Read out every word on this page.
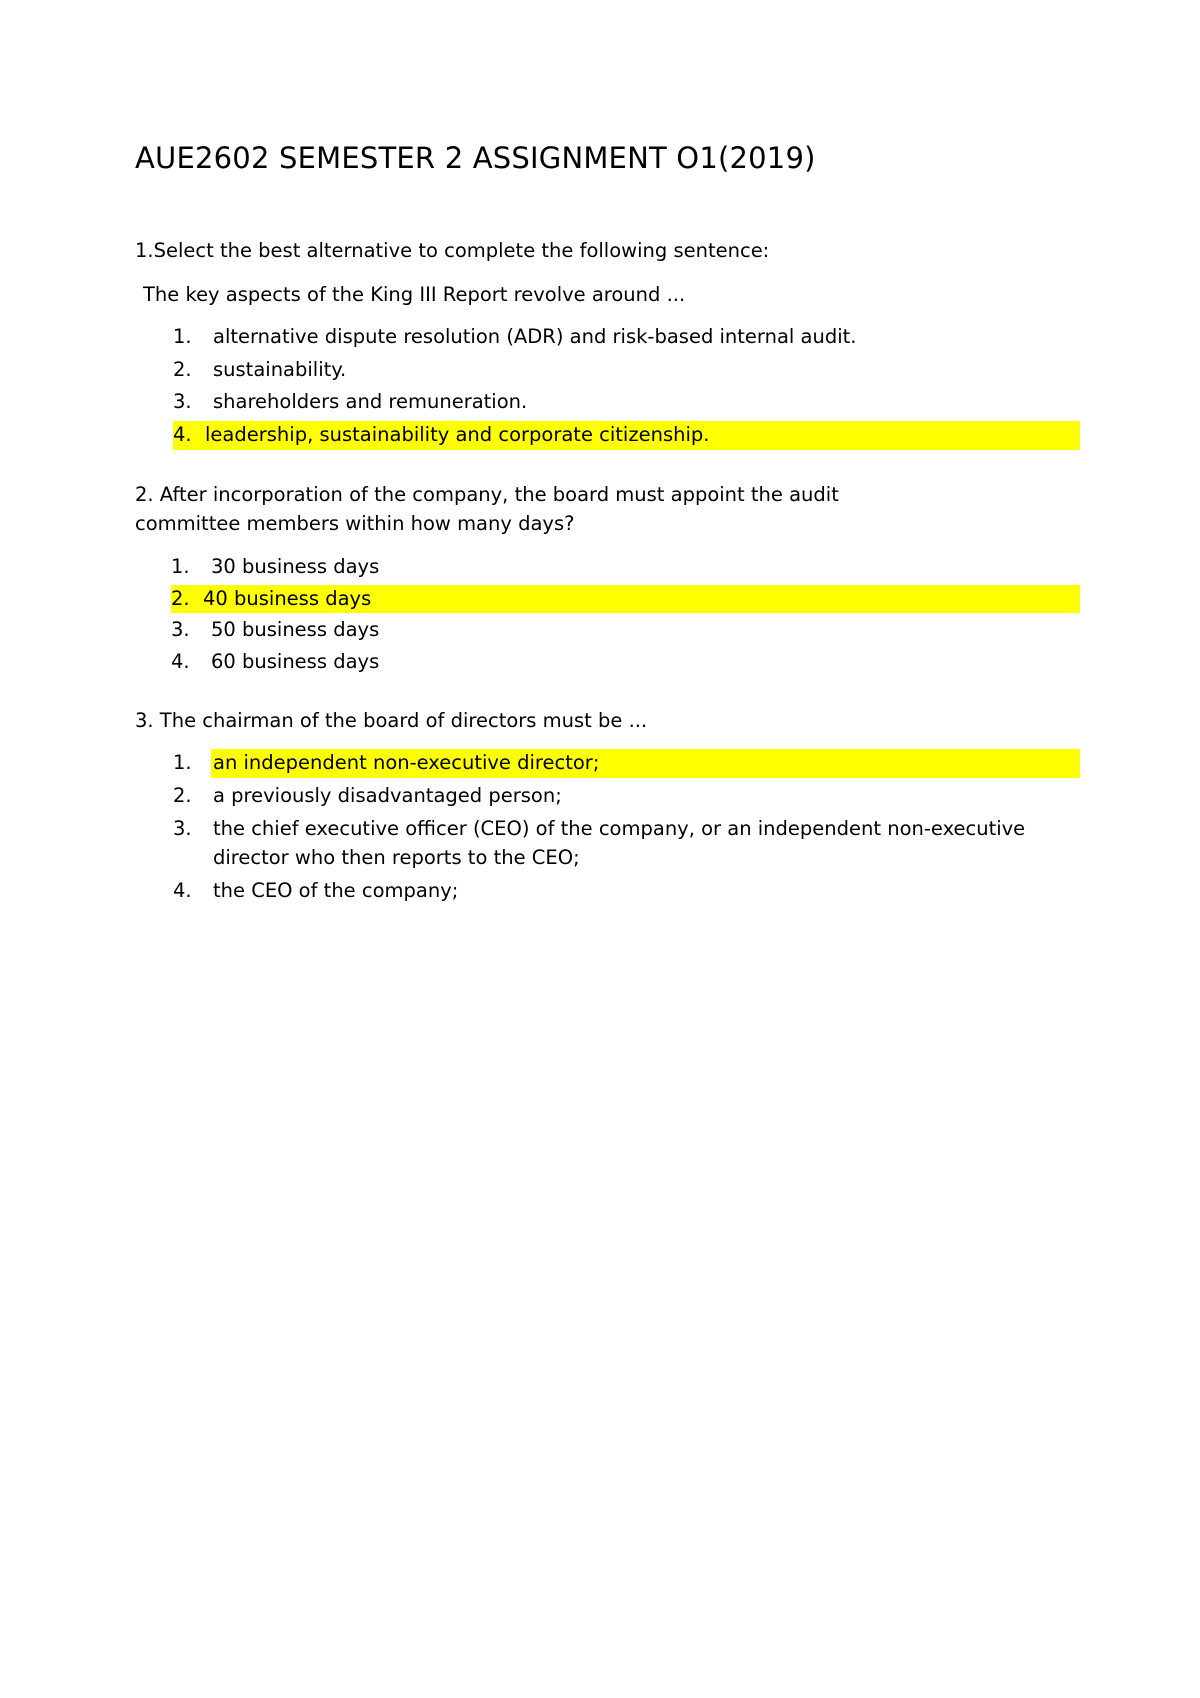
AUE2602 SEMESTER 2 ASSIGNMENT O1(2019)

1.Select the best alternative to complete the following sentence:

The key aspects of the King III Report revolve around ...

1.	alternative dispute resolution (ADR) and risk-based internal audit.
2.	sustainability.
3.	shareholders and remuneration.
4. leadership, sustainability and corporate citizenship.

2. After incorporation of the company, the board must appoint the audit committee members within how many days?

1.	30 business days
2. 40 business days
3.	50 business days
4.	60 business days

3. The chairman of the board of directors must be ...

1.	an independent non-executive director;
2.	a previously disadvantaged person;
3.	the chief executive officer (CEO) of the company, or an independent non-executive director who then reports to the CEO;
4.	the CEO of the company;
